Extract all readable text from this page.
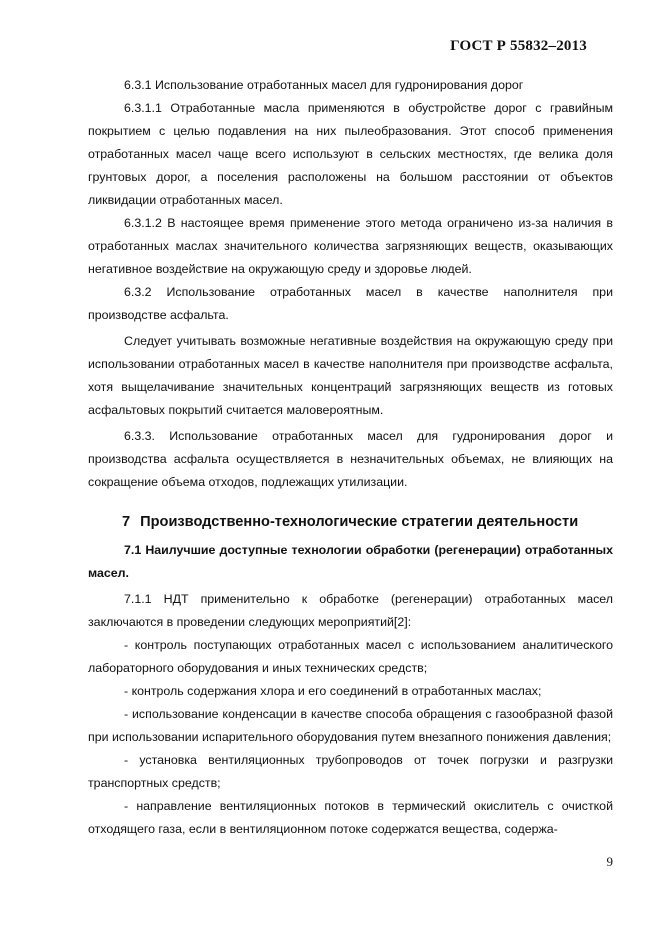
ГОСТ Р 55832–2013

6.3.1 Использование отработанных масел для гудронирования дорог

6.3.1.1 Отработанные масла применяются в обустройстве дорог с гравийным покрытием с целью подавления на них пылеобразования. Этот способ применения отработанных масел чаще всего используют в сельских местностях, где велика доля грунтовых дорог, а поселения расположены на большом расстоянии от объектов ликвидации отработанных масел.

6.3.1.2 В настоящее время применение этого метода ограничено из-за наличия в отработанных маслах значительного количества загрязняющих веществ, оказывающих негативное воздействие на окружающую среду и здоровье людей.

6.3.2 Использование отработанных масел в качестве наполнителя при производстве асфальта.

Следует учитывать возможные негативные воздействия на окружающую среду при использовании отработанных масел в качестве наполнителя при производстве асфальта, хотя выщелачивание значительных концентраций загрязняющих веществ из готовых асфальтовых покрытий считается маловероятным.

6.3.3. Использование отработанных масел для гудронирования дорог и производства асфальта осуществляется в незначительных объемах, не влияющих на сокращение объема отходов, подлежащих утилизации.

7 Производственно-технологические стратегии деятельности

7.1 Наилучшие доступные технологии обработки (регенерации) отработанных масел.

7.1.1 НДТ применительно к обработке (регенерации) отработанных масел заключаются в проведении следующих мероприятий[2]:

- контроль поступающих отработанных масел с использованием аналитического лабораторного оборудования и иных технических средств;

- контроль содержания хлора и его соединений в отработанных маслах;

- использование конденсации в качестве способа обращения с газообразной фазой при использовании испарительного оборудования путем внезапного понижения давления;

- установка вентиляционных трубопроводов от точек погрузки и разгрузки транспортных средств;

- направление вентиляционных потоков в термический окислитель с очисткой отходящего газа, если в вентиляционном потоке содержатся вещества, содержа-

9
